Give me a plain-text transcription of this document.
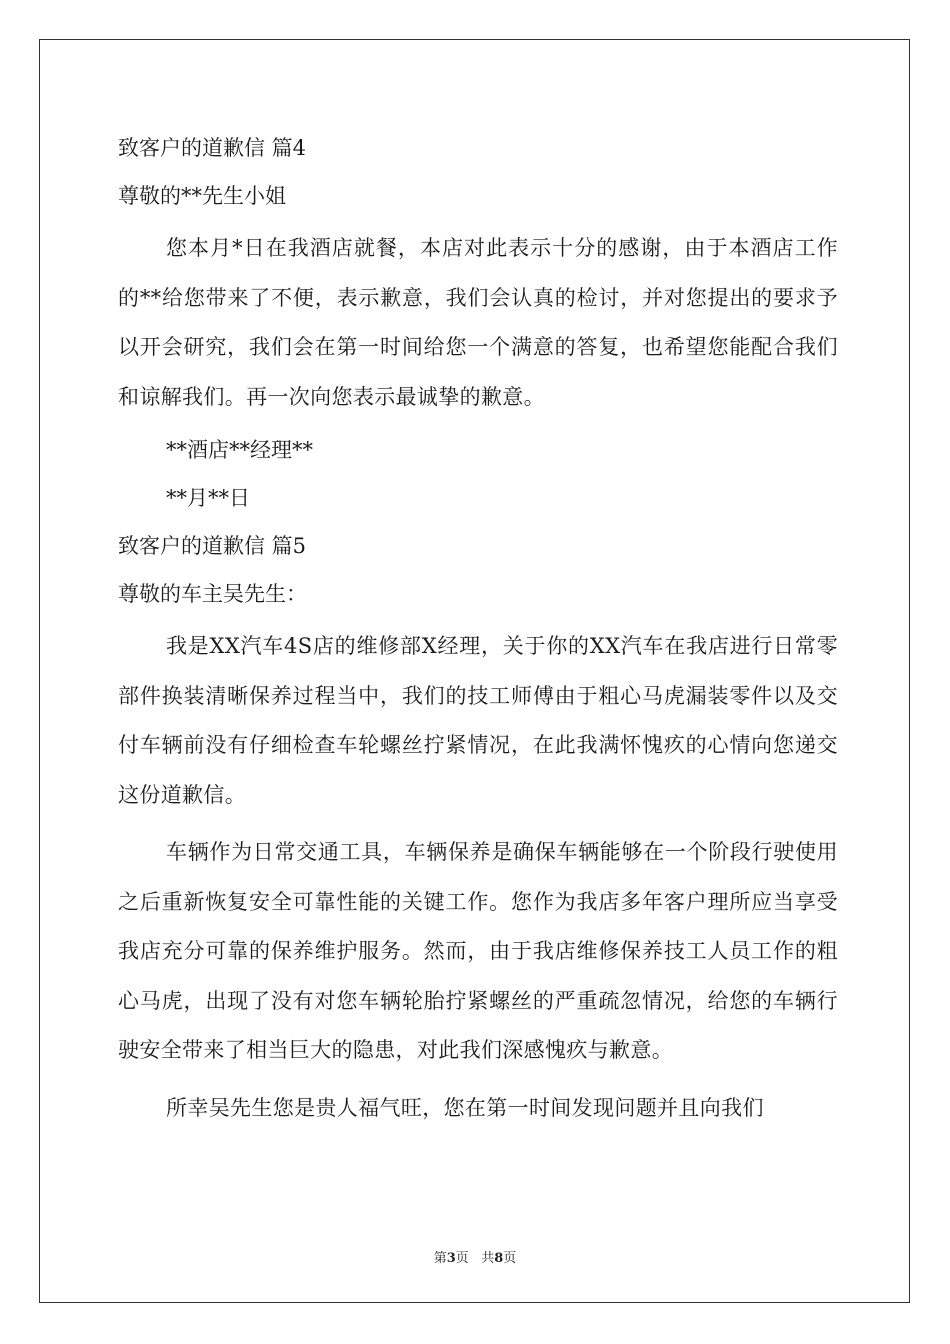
致客户的道歉信 篇4

尊敬的**先生小姐

您本月*日在我酒店就餐，本店对此表示十分的感谢，由于本酒店工作的**给您带来了不便，表示歉意，我们会认真的检讨，并对您提出的要求予以开会研究，我们会在第一时间给您一个满意的答复，也希望您能配合我们和谅解我们。再一次向您表示最诚挚的歉意。

**酒店**经理**

**月**日

致客户的道歉信 篇5

尊敬的车主吴先生：

我是XX汽车4S店的维修部X经理，关于你的XX汽车在我店进行日常零部件换装清晰保养过程当中，我们的技工师傅由于粗心马虎漏装零件以及交付车辆前没有仔细检查车轮螺丝拧紧情况，在此我满怀愧疚的心情向您递交这份道歉信。

车辆作为日常交通工具，车辆保养是确保车辆能够在一个阶段行驶使用之后重新恢复安全可靠性能的关键工作。您作为我店多年客户理所应当享受我店充分可靠的保养维护服务。然而，由于我店维修保养技工人员工作的粗心马虎，出现了没有对您车辆轮胎拧紧螺丝的严重疏忽情况，给您的车辆行驶安全带来了相当巨大的隐患，对此我们深感愧疚与歉意。

所幸吴先生您是贵人福气旺，您在第一时间发现问题并且向我们

第3页 共8页
